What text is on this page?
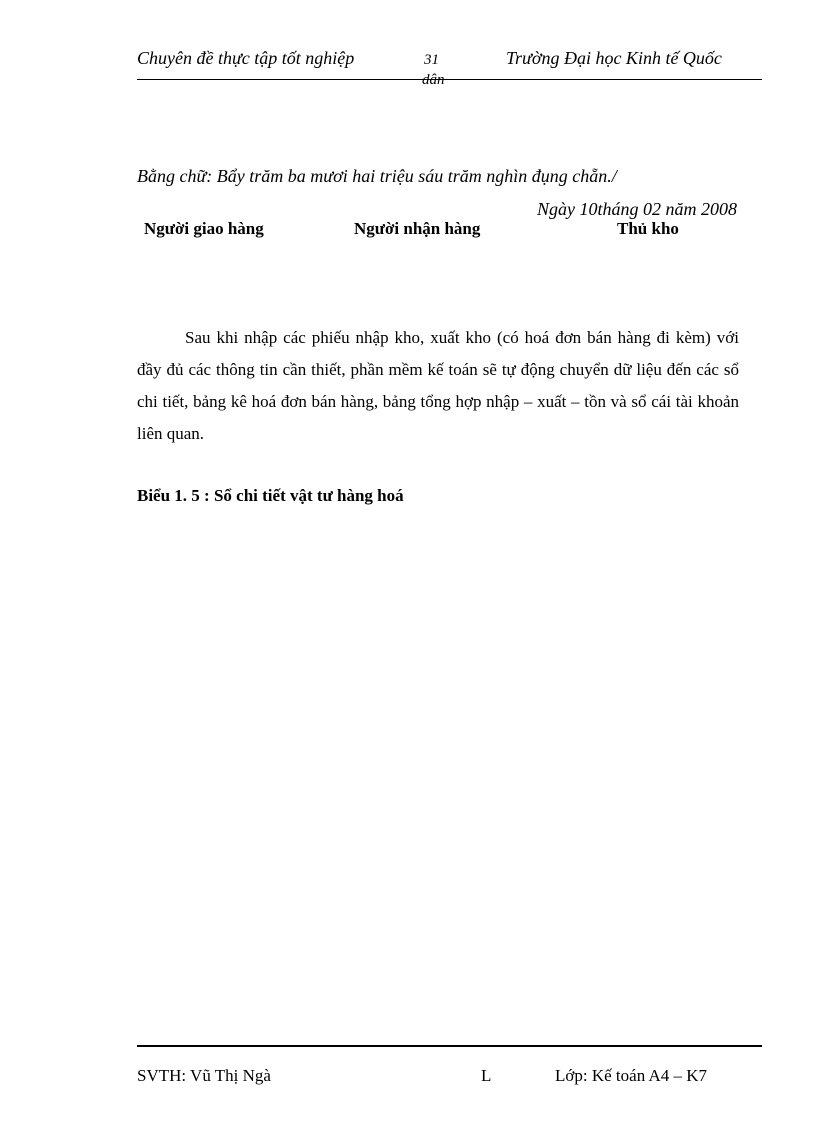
Chuyên đề thực tập tốt nghiệp	31
dân
Trường Đại học Kinh tế Quốc
Bằng chữ: Bẩy trăm ba mươi hai triệu sáu trăm nghìn đụng chẵn./
Ngày 10tháng 02 năm 2008
Người giao hàng	Người nhận hàng	Thủ kho
Sau khi nhập các phiếu nhập kho, xuất kho (có hoá đơn bán hàng đi kèm) với đầy đủ các thông tin cần thiết, phần mềm kế toán sẽ tự động chuyển dữ liệu đến các sổ chi tiết, bảng kê hoá đơn bán hàng, bảng tổng hợp nhập – xuất – tồn và sổ cái tài khoản liên quan.
Biểu 1. 5 : Sổ chi tiết vật tư hàng hoá
SVTH: Vũ Thị Ngà	L	Lớp: Kế toán A4 – K7
